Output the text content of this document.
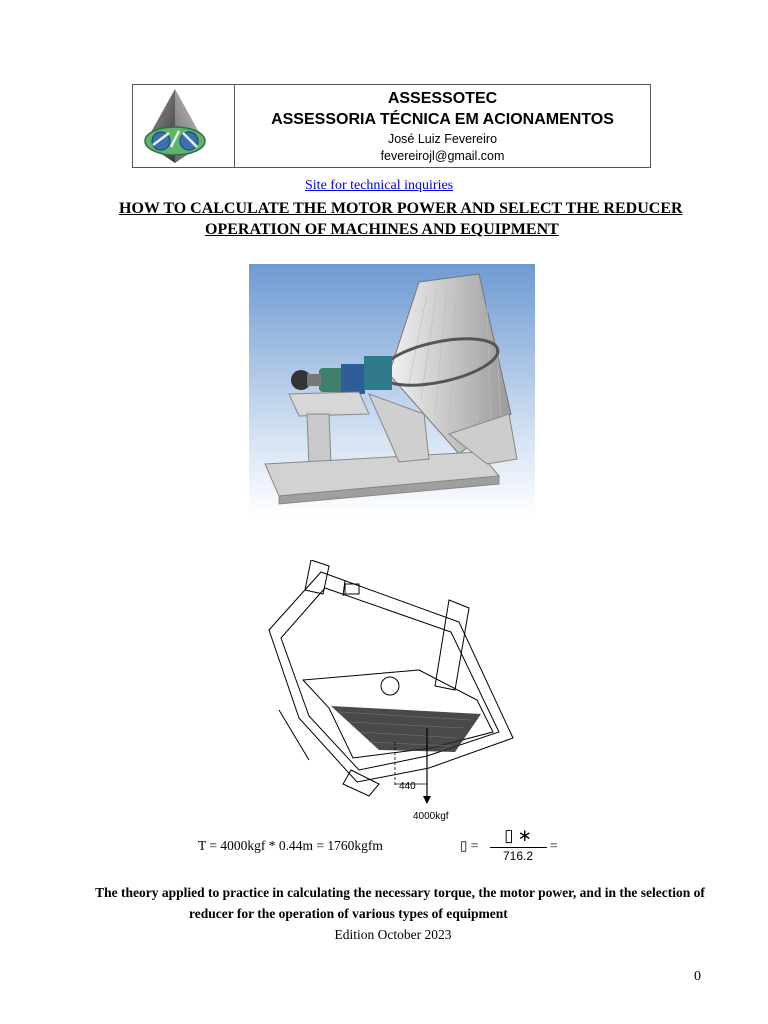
ASSESSOTEC
ASSESSORIA TÉCNICA EM ACIONAMENTOS
José Luiz Fevereiro
fevereirojl@gmail.com
Site for technical inquiries
HOW TO CALCULATE THE MOTOR POWER AND SELECT THE REDUCER
OPERATION OF MACHINES AND EQUIPMENT
440
4000kgf
T = 4000kgf * 0.44m = 1760kgfm	▯ =
▯ ∗
716.2
=
The theory applied to practice in calculating the necessary torque, the motor power, and in the selection of
reducer for the operation of various types of equipment
Edition October 2023
0
